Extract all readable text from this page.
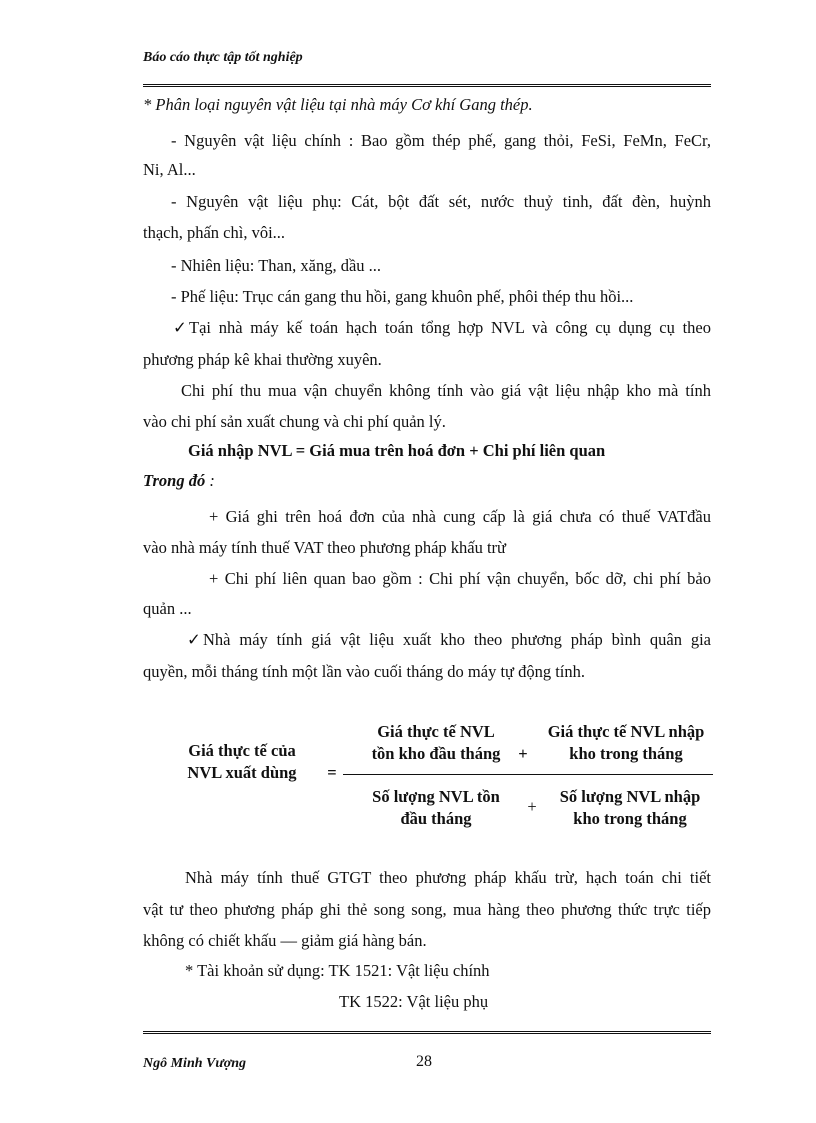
Báo cáo thực tập tốt nghiệp
* Phân loại nguyên vật liệu tại nhà máy Cơ khí Gang thép.
- Nguyên vật liệu chính : Bao gồm thép phế, gang thỏi, FeSi, FeMn, FeCr,
Ni, Al...
- Nguyên vật liệu phụ: Cát, bột đất sét, nước thuỷ tinh, đất đèn, huỳnh
thạch, phấn chì, vôi...
- Nhiên liệu: Than, xăng, dầu ...
- Phế liệu: Trục cán gang thu hồi, gang khuôn phế, phôi thép thu hồi...
✓ Tại nhà máy kế toán hạch toán tổng hợp NVL và công cụ dụng cụ theo
phương pháp kê khai thường xuyên.
Chi phí thu mua vận chuyển không tính vào giá vật liệu nhập kho mà tính
vào chi phí sản xuất chung và chi phí quản lý.
Giá nhập NVL = Giá mua trên hoá đơn + Chi phí liên quan
Trong đó :
+ Giá ghi trên hoá đơn của nhà cung cấp là giá chưa có thuế VATđầu
vào nhà máy tính thuế VAT theo phương pháp khấu trừ
+ Chi phí liên quan bao gồm : Chi phí vận chuyển, bốc dỡ, chi phí bảo
quản ...
✓ Nhà máy tính giá vật liệu xuất kho theo phương pháp bình quân gia
quyền, mỗi tháng tính một lần vào cuối tháng do máy tự động tính.
Giá thực tế của
NVL xuất dùng	=
Giá thực tế NVL
tồn kho đầu tháng	+
Giá thực tế NVL nhập
kho trong tháng
Số lượng NVL tồn
đầu tháng
+
Số lượng NVL nhập
kho trong tháng
Nhà máy tính thuế GTGT theo phương pháp khấu trừ, hạch toán chi tiết
vật tư theo phương pháp ghi thẻ song song, mua hàng theo phương thức trực tiếp
không có chiết khấu — giảm giá hàng bán.
* Tài khoản sử dụng: TK 1521: Vật liệu chính
TK 1522: Vật liệu phụ
Ngô Minh Vượng	28
